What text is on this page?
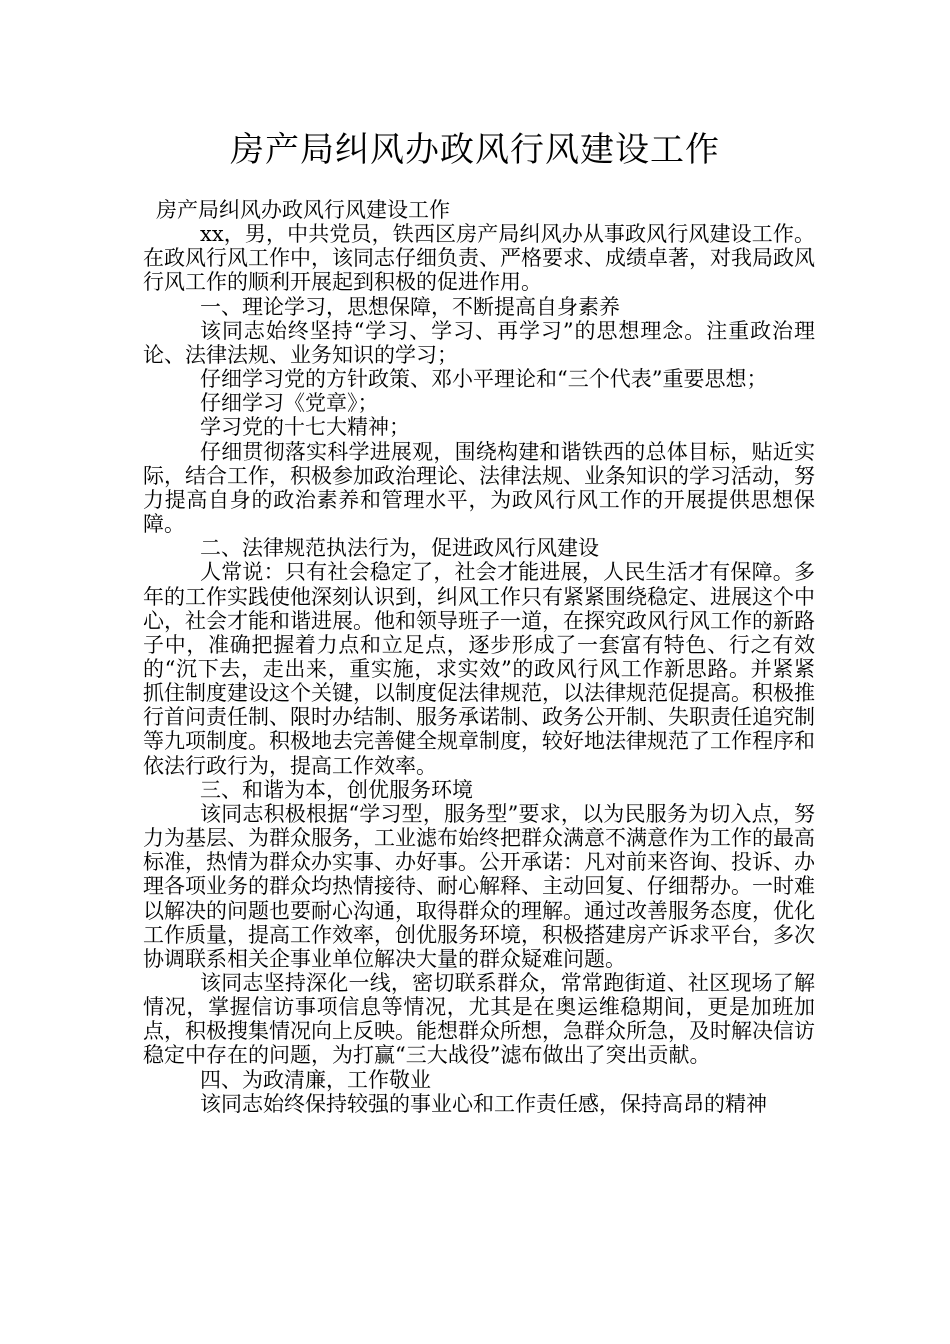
房产局纠风办政风行风建设工作

房产局纠风办政风行风建设工作

xx，男，中共党员，铁西区房产局纠风办从事政风行风建设工作。在政风行风工作中，该同志仔细负责、严格要求、成绩卓著，对我局政风行风工作的顺利开展起到积极的促进作用。

一、理论学习，思想保障，不断提高自身素养

该同志始终坚持“学习、学习、再学习”的思想理念。注重政治理论、法律法规、业务知识的学习；

仔细学习党的方针政策、邓小平理论和“三个代表”重要思想；

仔细学习《党章》；

学习党的十七大精神；

仔细贯彻落实科学进展观，围绕构建和谐铁西的总体目标，贴近实际，结合工作，积极参加政治理论、法律法规、业条知识的学习活动，努力提高自身的政治素养和管理水平，为政风行风工作的开展提供思想保障。

二、法律规范执法行为，促进政风行风建设

人常说：只有社会稳定了，社会才能进展，人民生活才有保障。多年的工作实践使他深刻认识到，纠风工作只有紧紧围绕稳定、进展这个中心，社会才能和谐进展。他和领导班子一道，在探究政风行风工作的新路子中，准确把握着力点和立足点，逐步形成了一套富有特色、行之有效的“沉下去，走出来，重实施，求实效”的政风行风工作新思路。并紧紧抓住制度建设这个关键，以制度促法律规范，以法律规范促提高。积极推行首问责任制、限时办结制、服务承诺制、政务公开制、失职责任追究制等九项制度。积极地去完善健全规章制度，较好地法律规范了工作程序和依法行政行为，提高工作效率。

三、和谐为本，创优服务环境

该同志积极根据“学习型，服务型”要求，以为民服务为切入点，努力为基层、为群众服务，工业滤布始终把群众满意不满意作为工作的最高标准，热情为群众办实事、办好事。公开承诺：凡对前来咨询、投诉、办理各项业务的群众均热情接待、耐心解释、主动回复、仔细帮办。一时难以解决的问题也要耐心沟通，取得群众的理解。通过改善服务态度，优化工作质量，提高工作效率，创优服务环境，积极搭建房产诉求平台，多次协调联系相关企事业单位解决大量的群众疑难问题。

该同志坚持深化一线，密切联系群众，常常跑街道、社区现场了解情况，掌握信访事项信息等情况，尤其是在奥运维稳期间，更是加班加点，积极搜集情况向上反映。能想群众所想，急群众所急，及时解决信访稳定中存在的问题，为打赢“三大战役”滤布做出了突出贡献。

四、为政清廉，工作敬业

该同志始终保持较强的事业心和工作责任感，保持高昂的精神
